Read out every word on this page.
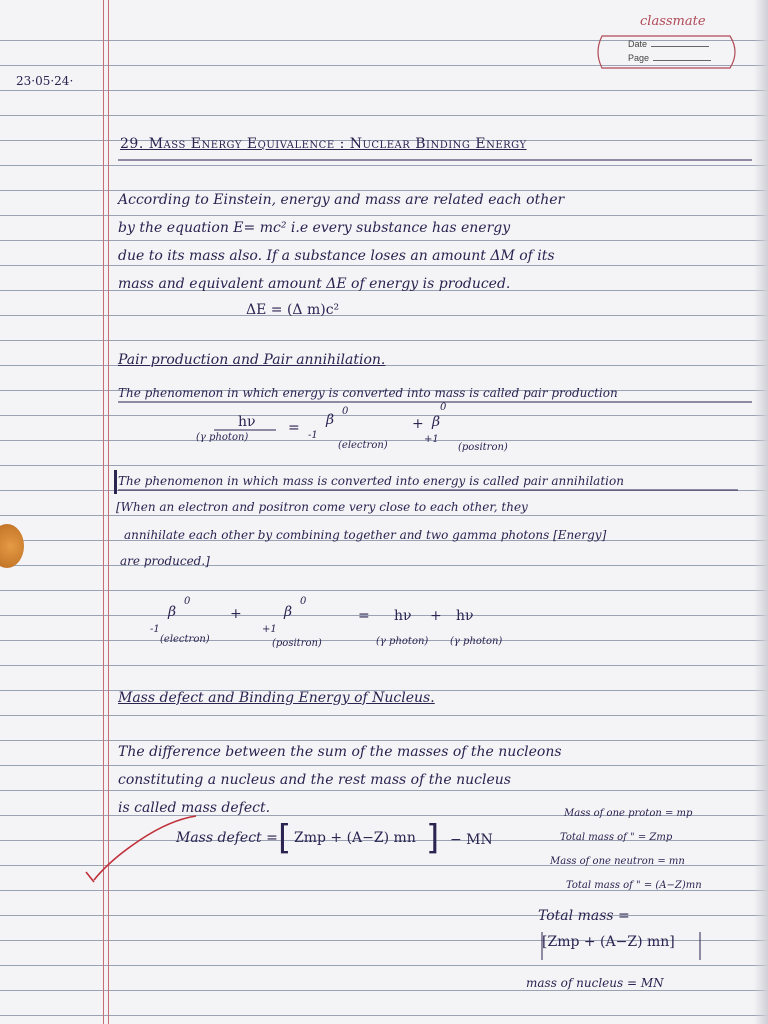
classmate
Date
Page
23·05·24·
29. Mass Energy Equivalence : Nuclear Binding Energy
According to Einstein, energy and mass are related each other
by the equation E= mc² i.e every substance has energy
due to its mass also. If a substance loses an amount ΔM of its
mass and equivalent amount ΔE of energy is produced.
ΔE = (Δ m)c²
Pair production and Pair annihilation.
The phenomenon in which energy is converted into mass is called pair production
hν
(γ photon)
=
0
β
-1
(electron)
+
0
β
+1
(positron)
The phenomenon in which mass is converted into energy is called pair annihilation
[When an electron and positron come very close to each other, they
annihilate each other by combining together and two gamma photons [Energy]
are produced.]
0
β
-1
(electron)
+
0
β
+1
(positron)
= hν + hν
(γ photon) (γ photon)
Mass defect and Binding Energy of Nucleus.
The difference between the sum of the masses of the nucleons
constituting a nucleus and the rest mass of the nucleus
is called mass defect.
Mass defect = [ Zmp + (A−Z) mn ] − MN
Mass of one proton = mp
Total mass of " = Zmp
Mass of one neutron = mn
Total mass of " = (A−Z)mn
Total mass =
[Zmp + (A−Z) mn]
mass of nucleus = MN
